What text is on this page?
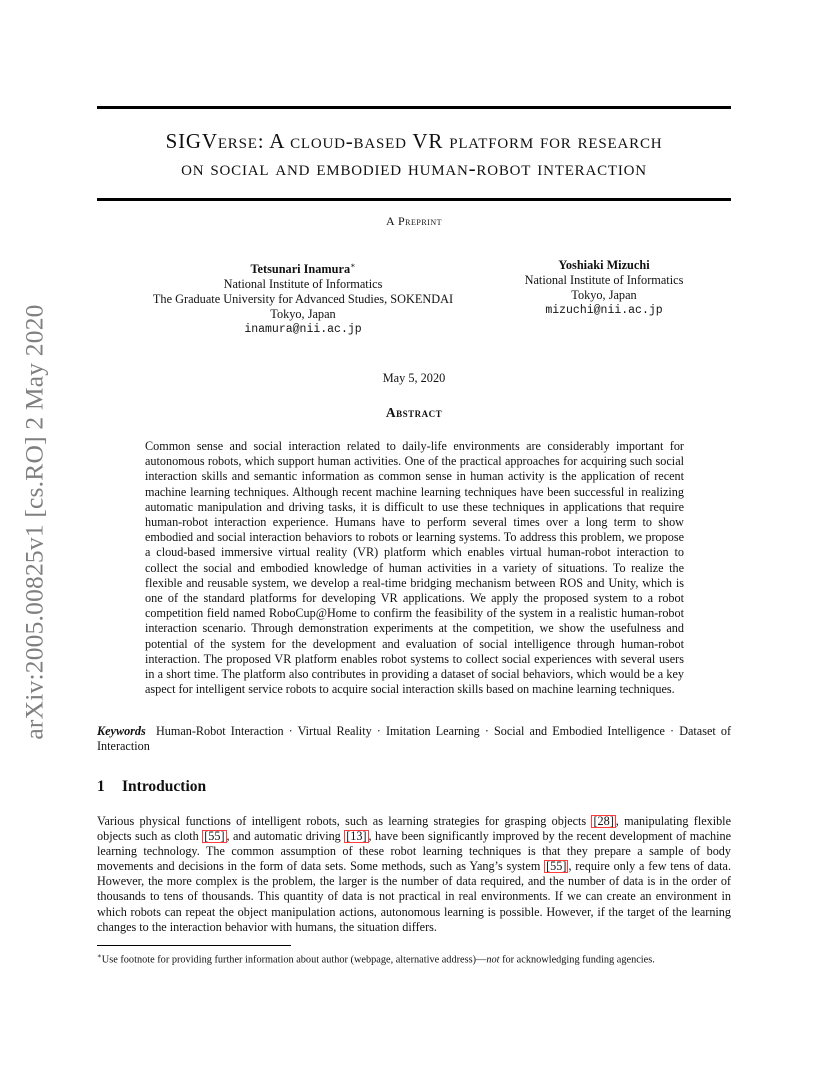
arXiv:2005.00825v1 [cs.RO] 2 May 2020
SIGVerse: A cloud-based VR platform for research
on social and embodied human-robot interaction
A Preprint
Tetsunari Inamura∗
National Institute of Informatics
The Graduate University for Advanced Studies, SOKENDAI
Tokyo, Japan
inamura@nii.ac.jp
Yoshiaki Mizuchi
National Institute of Informatics
Tokyo, Japan
mizuchi@nii.ac.jp
May 5, 2020
Abstract
Common sense and social interaction related to daily-life environments are considerably important for autonomous robots, which support human activities. One of the practical approaches for acquiring such social interaction skills and semantic information as common sense in human activity is the application of recent machine learning techniques. Although recent machine learning techniques have been successful in realizing automatic manipulation and driving tasks, it is difficult to use these techniques in applications that require human-robot interaction experience. Humans have to perform several times over a long term to show embodied and social interaction behaviors to robots or learning systems. To address this problem, we propose a cloud-based immersive virtual reality (VR) platform which enables virtual human-robot interaction to collect the social and embodied knowledge of human activities in a variety of situations. To realize the flexible and reusable system, we develop a real-time bridging mechanism between ROS and Unity, which is one of the standard platforms for developing VR applications. We apply the proposed system to a robot competition field named RoboCup@Home to confirm the feasibility of the system in a realistic human-robot interaction scenario. Through demonstration experiments at the competition, we show the usefulness and potential of the system for the development and evaluation of social intelligence through human-robot interaction. The proposed VR platform enables robot systems to collect social experiences with several users in a short time. The platform also contributes in providing a dataset of social behaviors, which would be a key aspect for intelligent service robots to acquire social interaction skills based on machine learning techniques.
Keywords Human-Robot Interaction · Virtual Reality · Imitation Learning · Social and Embodied Intelligence · Dataset of Interaction
1 Introduction
Various physical functions of intelligent robots, such as learning strategies for grasping objects [28] , manipulating flexible objects such as cloth [55] , and automatic driving [13] , have been significantly improved by the recent development of machine learning technology. The common assumption of these robot learning techniques is that they prepare a sample of body movements and decisions in the form of data sets. Some methods, such as Yang’s system [55] , require only a few tens of data. However, the more complex is the problem, the larger is the number of data required, and the number of data is in the order of thousands to tens of thousands. This quantity of data is not practical in real environments. If we can create an environment in which robots can repeat the object manipulation actions, autonomous learning is possible. However, if the target of the learning changes to the interaction behavior with humans, the situation differs.
∗Use footnote for providing further information about author (webpage, alternative address)—not for acknowledging funding agencies.
